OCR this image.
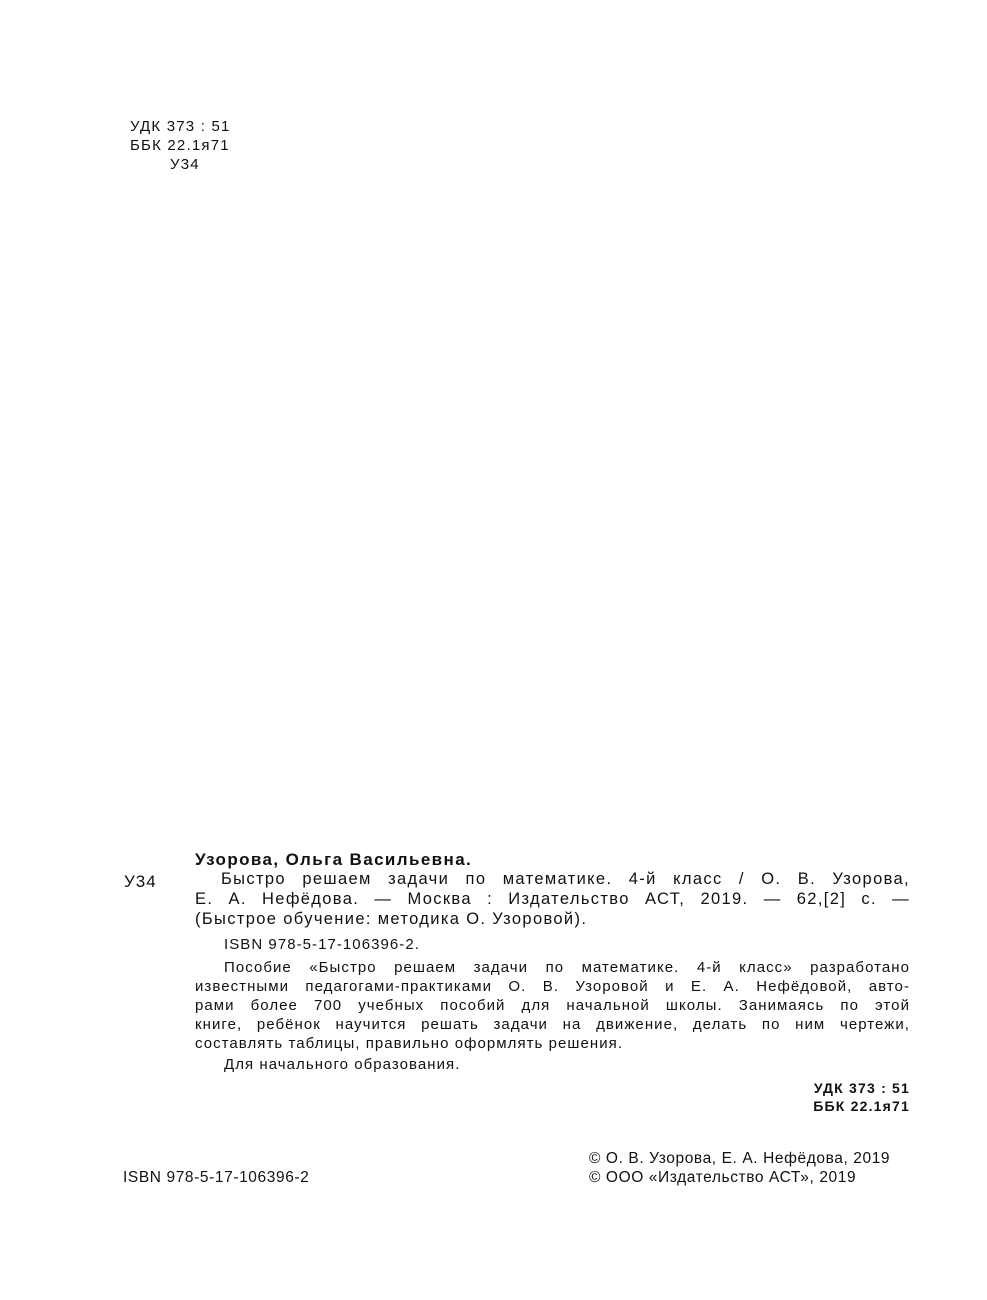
УДК 373 : 51
ББК 22.1я71
У34
Узорова, Ольга Васильевна.
У34	Быстро решаем задачи по математике. 4-й класс / О. В. Узорова,
Е. А. Нефёдова. — Москва : Издательство АСТ, 2019. — 62,[2] с. —
(Быстрое обучение: методика О. Узоровой).
ISBN 978-5-17-106396-2.
Пособие «Быстро решаем задачи по математике. 4-й класс» разработано
известными педагогами-практиками О. В. Узоровой и Е. А. Нефёдовой, авто-
рами более 700 учебных пособий для начальной школы. Занимаясь по этой
книге, ребёнок научится решать задачи на движение, делать по ним чертежи,
составлять таблицы, правильно оформлять решения.
Для начального образования.
УДК 373 : 51
ББК 22.1я71
ISBN 978-5-17-106396-2
© О. В. Узорова, Е. А. Нефёдова, 2019
© ООО «Издательство АСТ», 2019
